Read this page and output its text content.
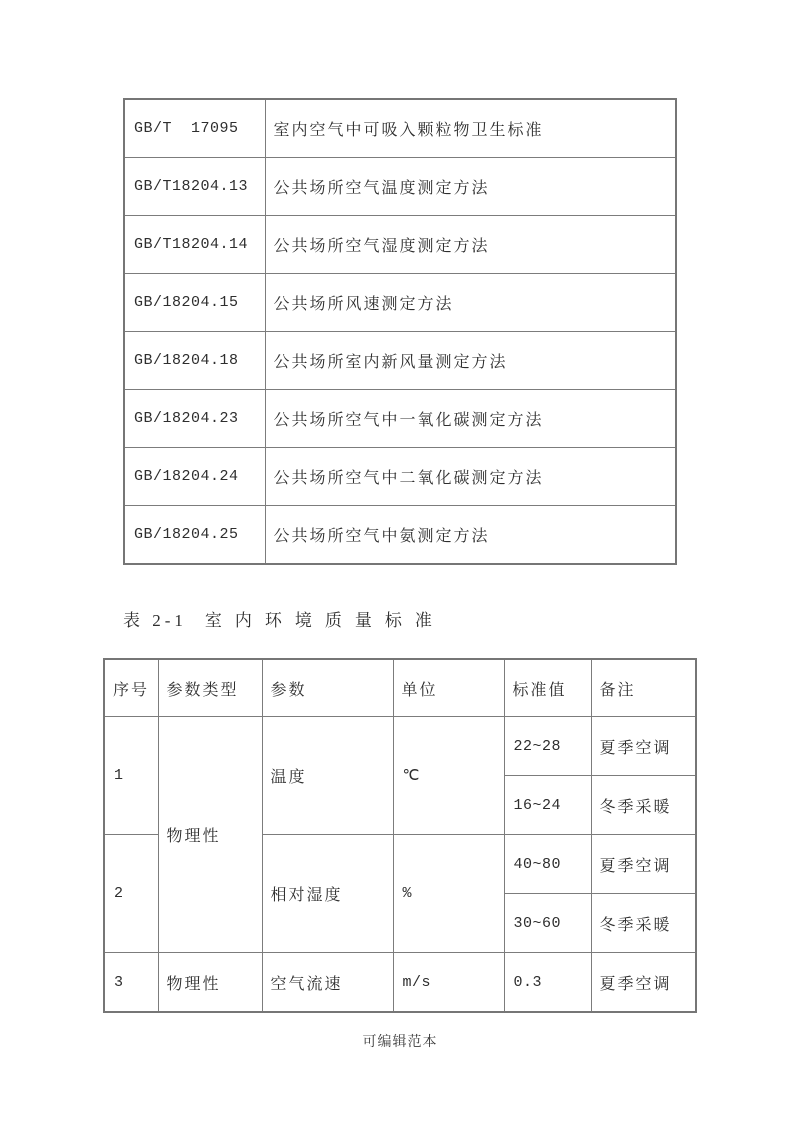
GB/T  17095	室内空气中可吸入颗粒物卫生标准
GB/T18204.13	公共场所空气温度测定方法
GB/T18204.14	公共场所空气湿度测定方法
GB/18204.15	公共场所风速测定方法
GB/18204.18	公共场所室内新风量测定方法
GB/18204.23	公共场所空气中一氧化碳测定方法
GB/18204.24	公共场所空气中二氧化碳测定方法
GB/18204.25	公共场所空气中氨测定方法
表 2-1 室内环境质量标准
序号	参数类型	参数	单位	标准值	备注
1	物理性	温度	℃	22~28	夏季空调
				16~24	冬季采暖
2		相对湿度	%	40~80	夏季空调
				30~60	冬季采暖
3	物理性	空气流速	m/s	0.3	夏季空调
可编辑范本
